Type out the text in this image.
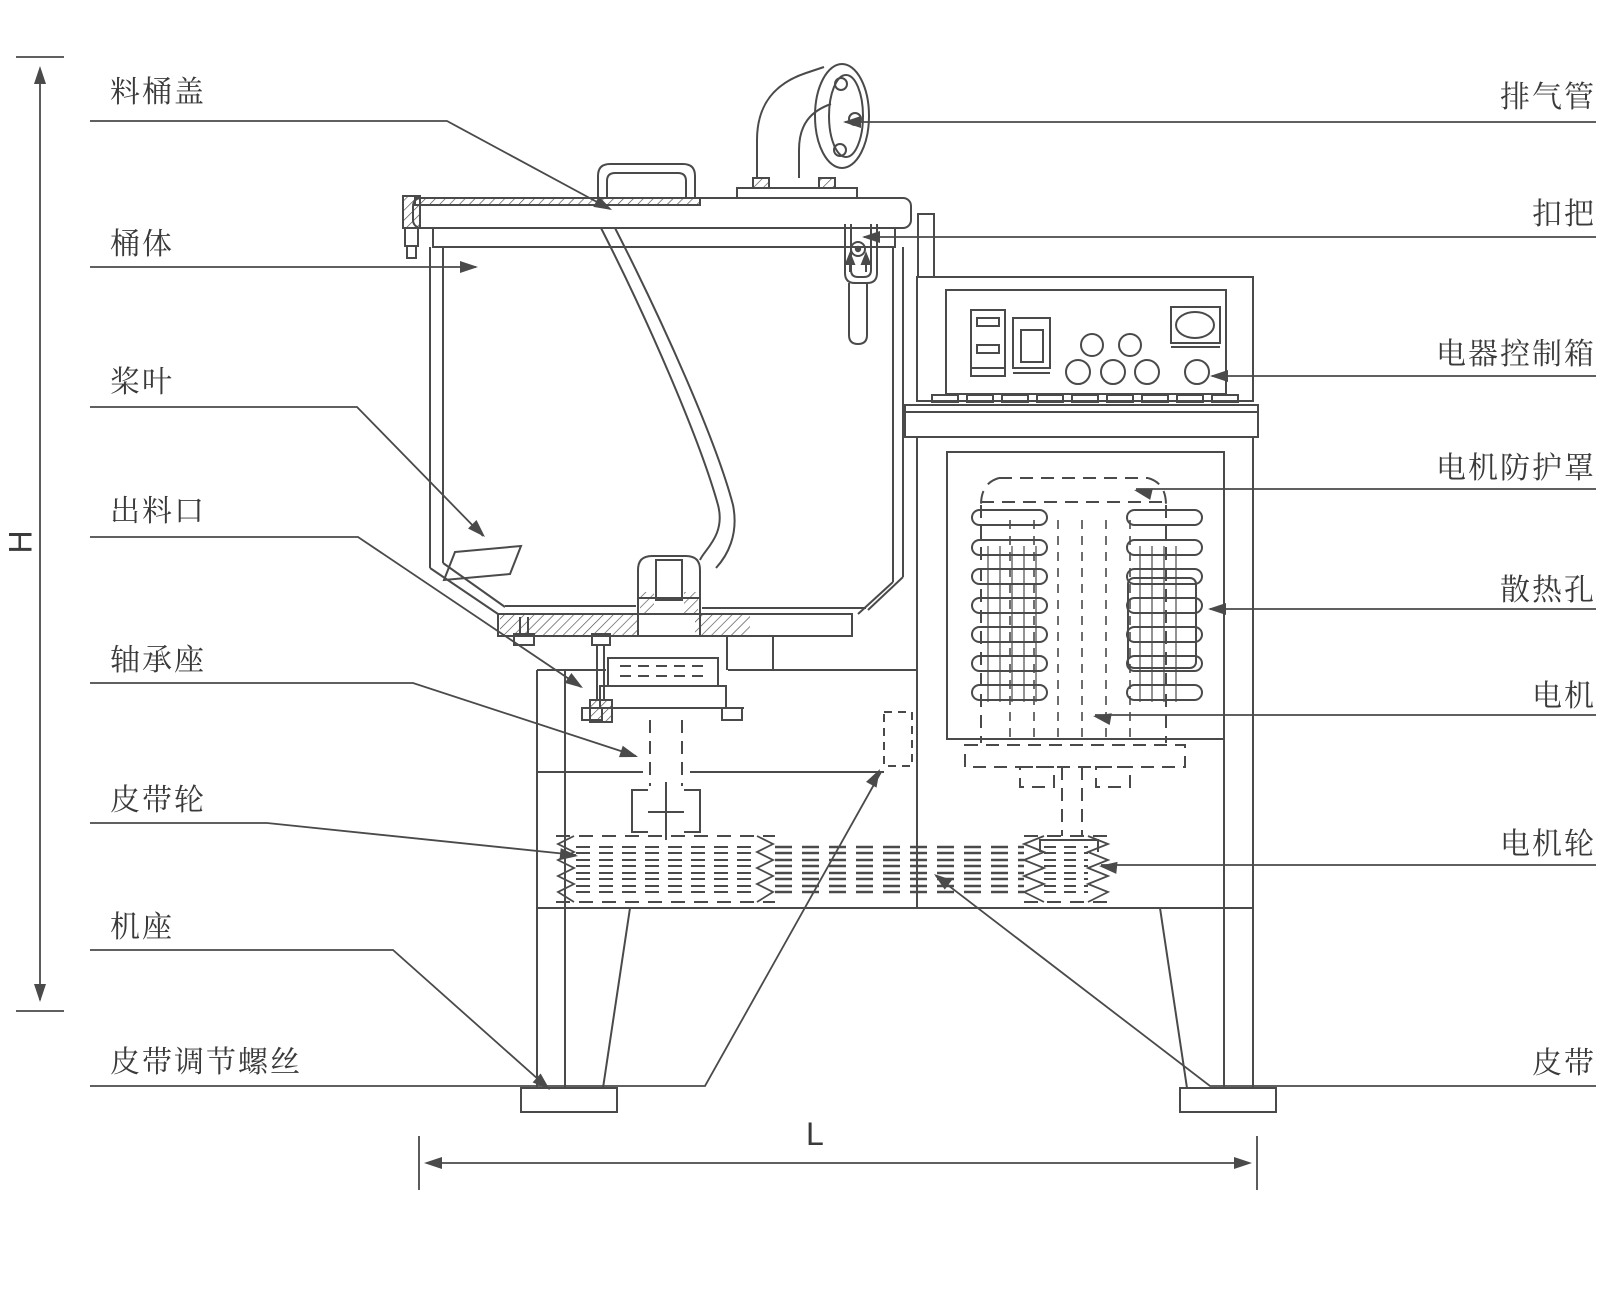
料桶盖
桶体
桨叶
出料口
轴承座
皮带轮
机座
皮带调节螺丝
排气管
扣把
电器控制箱
电机防护罩
散热孔
电机
电机轮
皮带
H
L
